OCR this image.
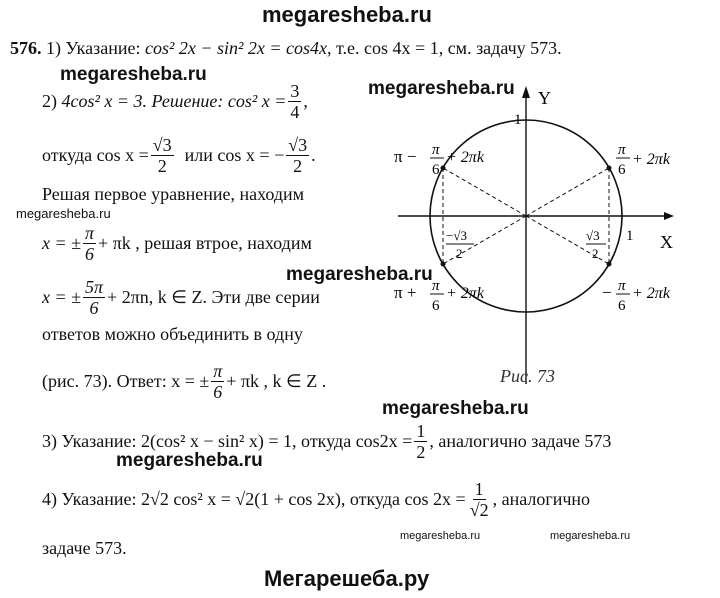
megaresheba.ru
576. 1) Указание: cos² 2x − sin² 2x = cos4x, т.е. cos 4x = 1, см. задачу 573.
megaresheba.ru
megaresheba.ru
2)
4cos² x = 3. Решение: cos² $x = \frac{3}{4}$ ,
откуда $\cos x = \frac{√3}{2}$
или cos x = − $\frac{√3}{2}$ .
Решая первое уравнение, находим
megaresheba.ru
x = ± $\frac{\pi}{6} + \pi k$ , решая втрое, находим
megaresheba.ru
x = ± $\frac{5\pi}{6} + 2\pi n$, k ∈ Z. Эти две серии
ответов можно объединить в одну
(рис. 73). Ответ: x = ± $\frac{\pi}{6} + \pi k$ , k ∈ Z .
megaresheba.ru
3) Указание: 2(cos² x − sin² x) = 1, откуда $\cos 2x = \frac{1}{2}$ , аналогично задаче 573
megaresheba.ru
4) Указание: 2√2 cos² x = √2(1 + cos 2x), откуда $\cos 2x = \frac{1}{√2}$ , аналогично
megaresheba.ru	megaresheba.ru
задаче 573.
Мегарешеба.ру
Y
X
1
1
−√3
2
√3
2
π − π
6
+ 2πk	π
6
+ 2πk
π + π
6
+ 2πk	− π
6
+ 2πk
Рис. 73
